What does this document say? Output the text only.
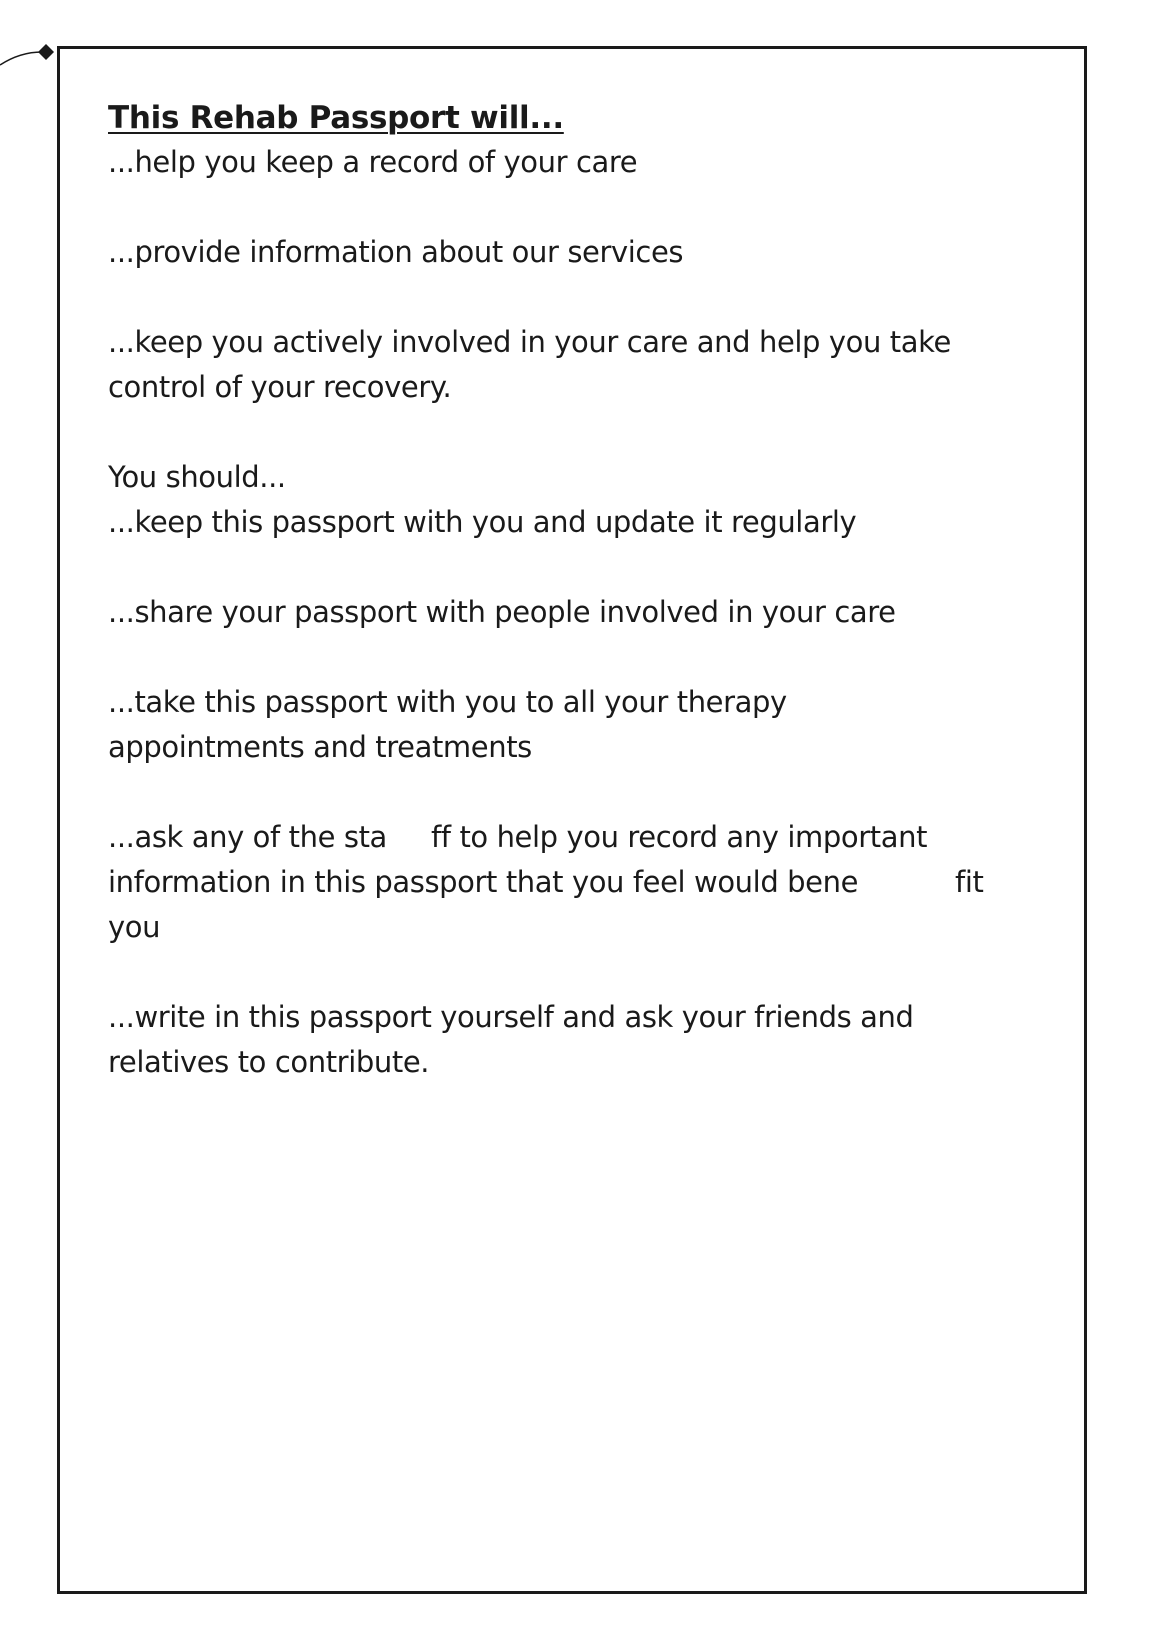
This Rehab Passport will...

...help you keep a record of your care

...provide information about our services

...keep you actively involved in your care and help you take
control of your recovery.

You should...

...keep this passport with you and update it regularly

...share your passport with people involved in your care

...take this passport with you to all your therapy
appointments and treatments

...ask any of the sta     ff to help you record any important
information in this passport that you feel would bene           fit you

...write in this passport yourself and ask your friends and
relatives to contribute.
